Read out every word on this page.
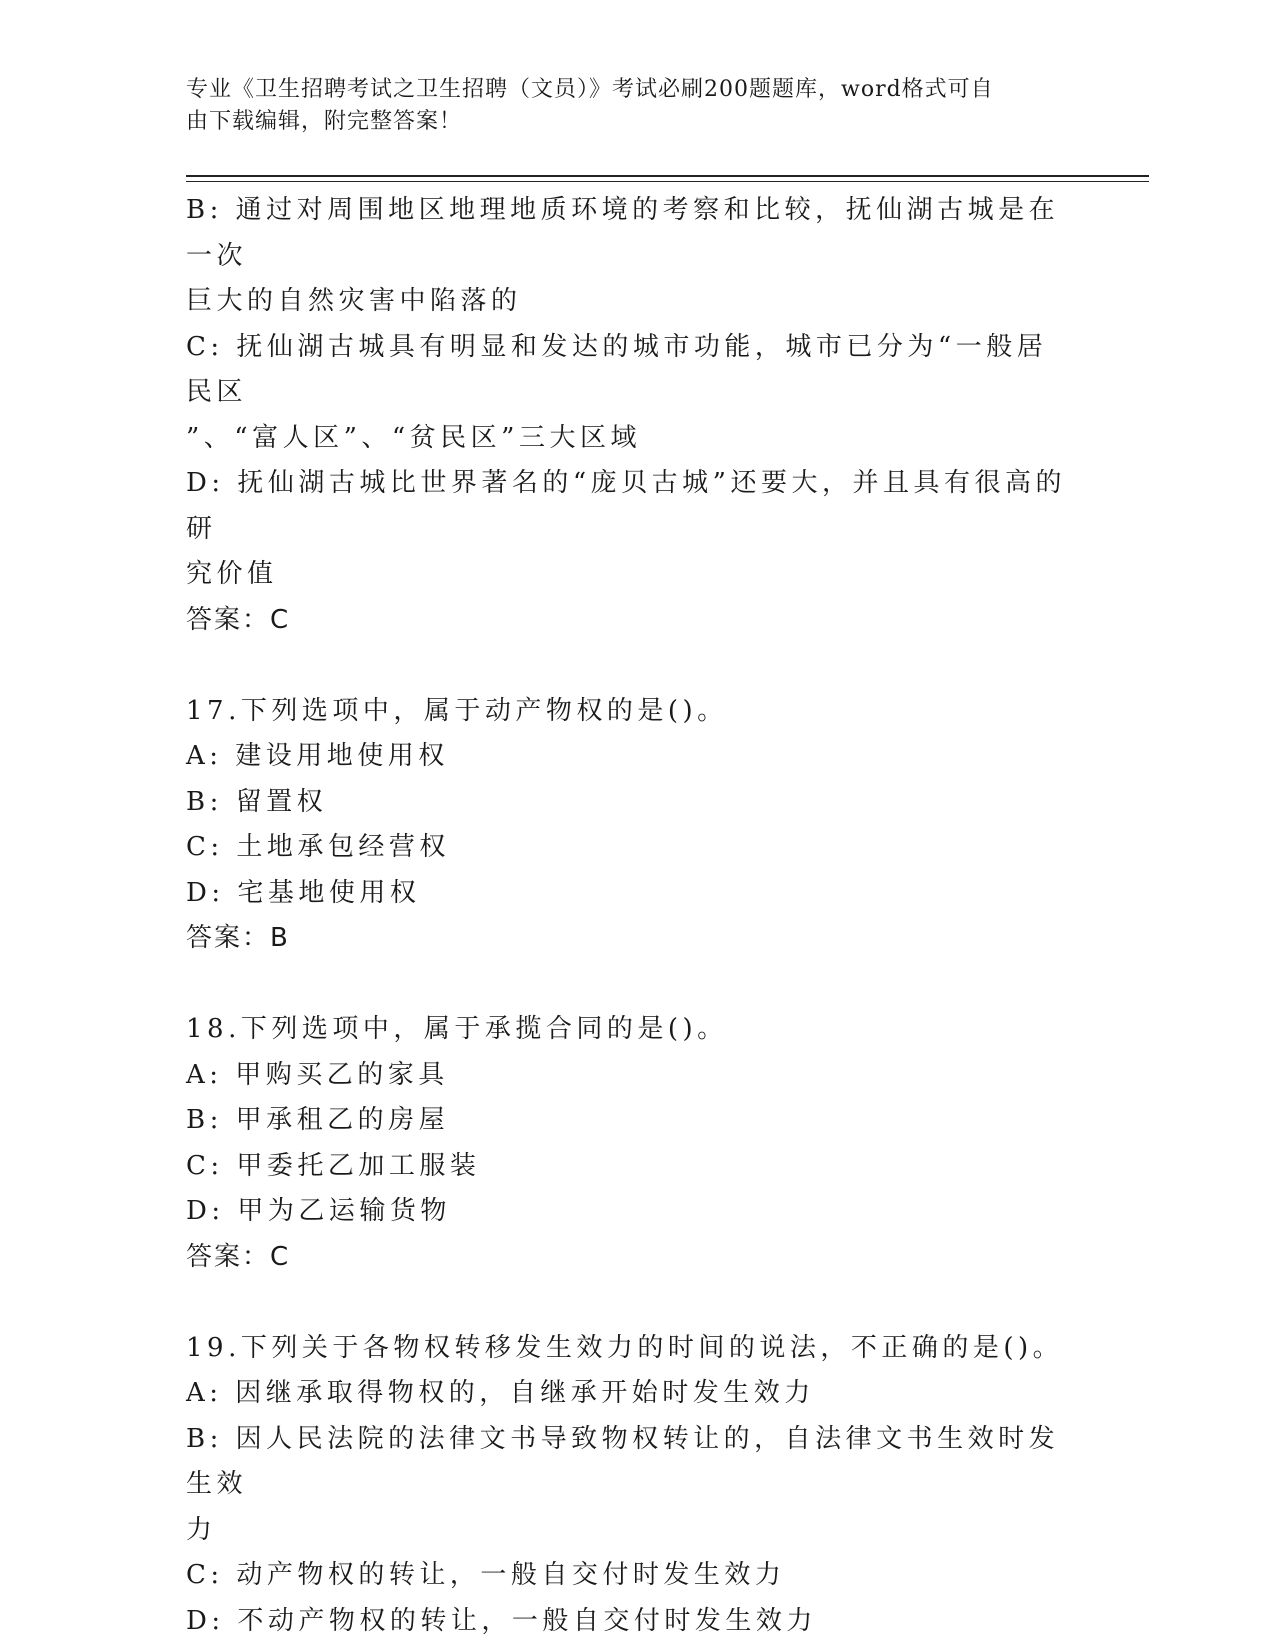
专业《卫生招聘考试之卫生招聘（文员）》考试必刷200题题库，word格式可自
由下载编辑，附完整答案！
B: 通过对周围地区地理地质环境的考察和比较，抚仙湖古城是在一次
巨大的自然灾害中陷落的
C: 抚仙湖古城具有明显和发达的城市功能，城市已分为“一般居民区
”、“富人区”、“贫民区”三大区域
D: 抚仙湖古城比世界著名的“庞贝古城”还要大，并且具有很高的研
究价值
答案：C
17.下列选项中，属于动产物权的是()。
A: 建设用地使用权
B: 留置权
C: 土地承包经营权
D: 宅基地使用权
答案：B
18.下列选项中，属于承揽合同的是()。
A: 甲购买乙的家具
B: 甲承租乙的房屋
C: 甲委托乙加工服装
D: 甲为乙运输货物
答案：C
19.下列关于各物权转移发生效力的时间的说法，不正确的是()。
A: 因继承取得物权的，自继承开始时发生效力
B: 因人民法院的法律文书导致物权转让的，自法律文书生效时发生效
力
C: 动产物权的转让，一般自交付时发生效力
D: 不动产物权的转让，一般自交付时发生效力
